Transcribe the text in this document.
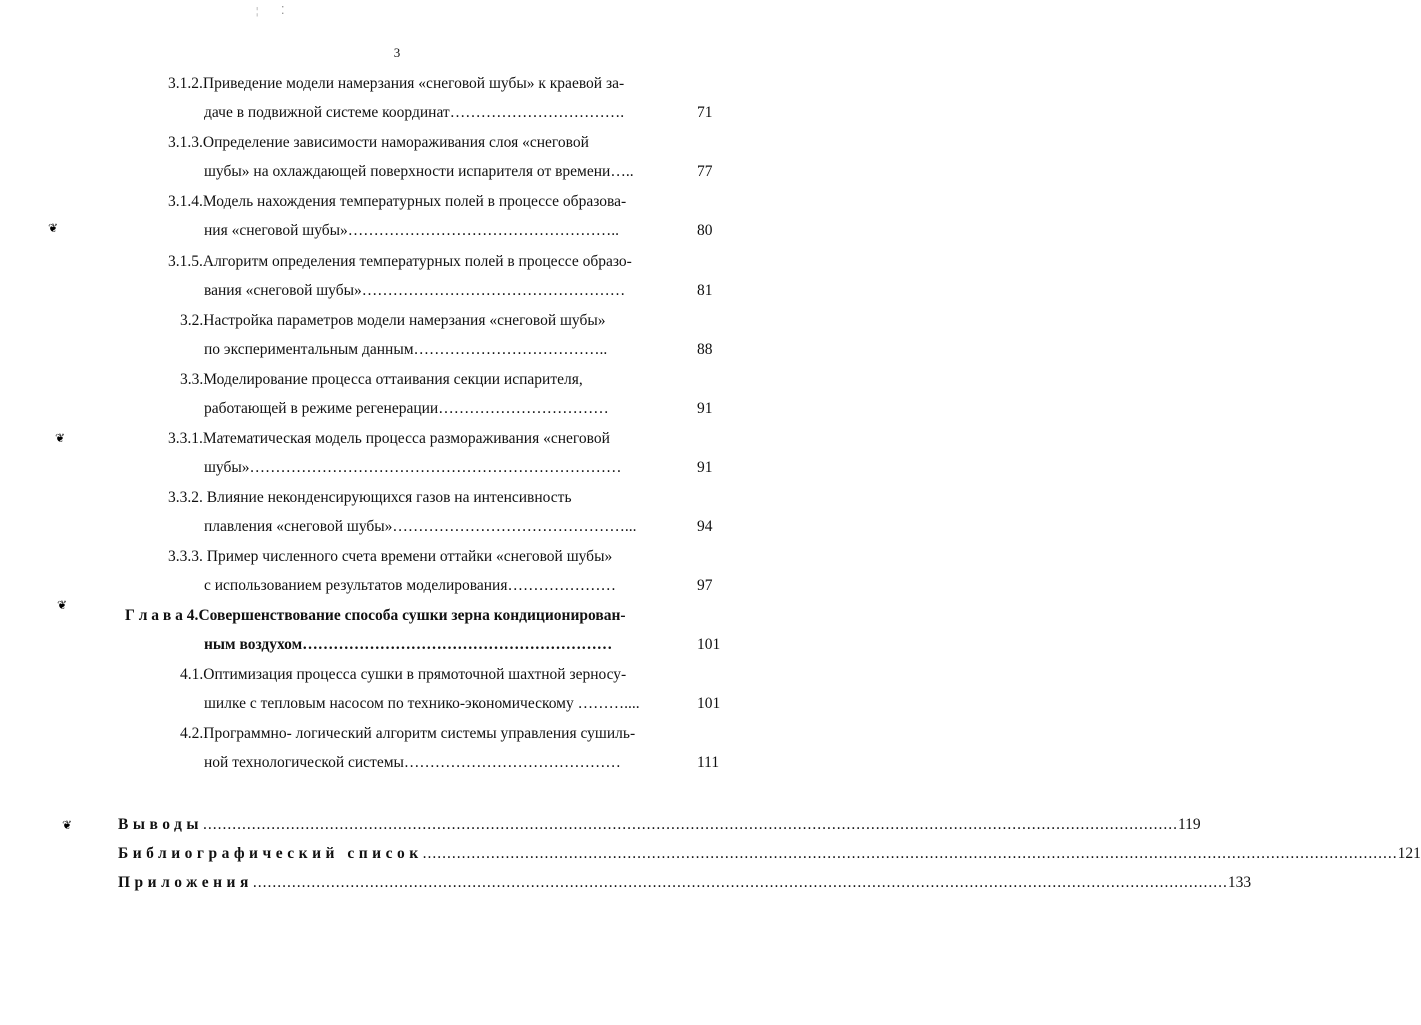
¦ ⁚
3
3.1.2.Приведение модели намерзания «снеговой шубы» к краевой за-
даче в подвижной системе координат…………………………….	71
3.1.3.Определение зависимости намораживания слоя «снеговой
шубы» на охлаждающей поверхности испарителя от времени…..	77
3.1.4.Модель нахождения температурных полей в процессе образова-
ния «снеговой шубы»……………………………………………..	80
3.1.5.Алгоритм определения температурных полей в процессе образо-
вания «снеговой шубы»……………………………………………	81
3.2.Настройка параметров модели намерзания «снеговой шубы»
по экспериментальным данным………………………………..	88
3.3.Моделирование процесса оттаивания секции испарителя,
работающей в режиме регенерации……………………………	91
3.3.1.Математическая модель процесса размораживания «снеговой
шубы»………………………………………………………………	91
3.3.2. Влияние неконденсирующихся газов на интенсивность
плавления «снеговой шубы»………………………………………...	94
3.3.3. Пример численного счета времени оттайки «снеговой шубы»
с использованием результатов моделирования…………………	97
Г л а в а 4.Совершенствование способа сушки зерна кондиционирован-
ным воздухом……………………………………………………	101
4.1.Оптимизация процесса сушки в прямоточной шахтной зерносу-
шилке с тепловым насосом по технико-экономическому ………....	101
4.2.Программно- логический алгоритм системы управления сушиль-
ной технологической системы……………………………………	111
Выводы ........................................................................................................................................................................................................ 119
Библиографический список ........................................................................................................................................................................................................ 121
Приложения ........................................................................................................................................................................................................ 133
❦
❦
❦
❦
